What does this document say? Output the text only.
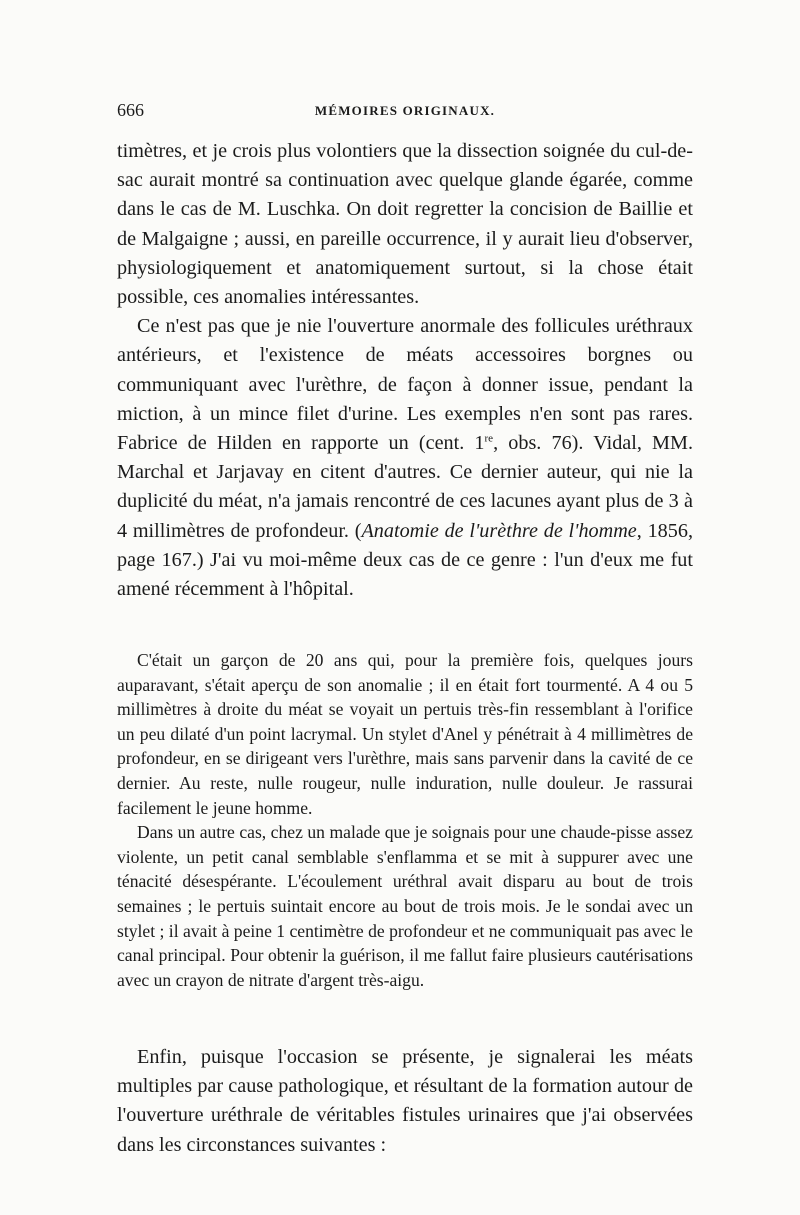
666	MÉMOIRES ORIGINAUX.

timètres, et je crois plus volontiers que la dissection soignée du cul-de-sac aurait montré sa continuation avec quelque glande égarée, comme dans le cas de M. Luschka. On doit regretter la concision de Baillie et de Malgaigne ; aussi, en pareille occurrence, il y aurait lieu d'observer, physiologiquement et anatomiquement surtout, si la chose était possible, ces anomalies intéressantes.

Ce n'est pas que je nie l'ouverture anormale des follicules uréthraux antérieurs, et l'existence de méats accessoires borgnes ou communiquant avec l'urèthre, de façon à donner issue, pendant la miction, à un mince filet d'urine. Les exemples n'en sont pas rares. Fabrice de Hilden en rapporte un (cent. 1re, obs. 76). Vidal, MM. Marchal et Jarjavay en citent d'autres. Ce dernier auteur, qui nie la duplicité du méat, n'a jamais rencontré de ces lacunes ayant plus de 3 à 4 millimètres de profondeur. (Anatomie de l'urèthre de l'homme, 1856, page 167.) J'ai vu moi-même deux cas de ce genre : l'un d'eux me fut amené récemment à l'hôpital.

C'était un garçon de 20 ans qui, pour la première fois, quelques jours auparavant, s'était aperçu de son anomalie ; il en était fort tourmenté. A 4 ou 5 millimètres à droite du méat se voyait un pertuis très-fin ressemblant à l'orifice un peu dilaté d'un point lacrymal. Un stylet d'Anel y pénétrait à 4 millimètres de profondeur, en se dirigeant vers l'urèthre, mais sans parvenir dans la cavité de ce dernier. Au reste, nulle rougeur, nulle induration, nulle douleur. Je rassurai facilement le jeune homme.

Dans un autre cas, chez un malade que je soignais pour une chaude-pisse assez violente, un petit canal semblable s'enflamma et se mit à suppurer avec une ténacité désespérante. L'écoulement uréthral avait disparu au bout de trois semaines ; le pertuis suintait encore au bout de trois mois. Je le sondai avec un stylet ; il avait à peine 1 centimètre de profondeur et ne communiquait pas avec le canal principal. Pour obtenir la guérison, il me fallut faire plusieurs cautérisations avec un crayon de nitrate d'argent très-aigu.

Enfin, puisque l'occasion se présente, je signalerai les méats multiples par cause pathologique, et résultant de la formation autour de l'ouverture uréthrale de véritables fistules urinaires que j'ai observées dans les circonstances suivantes :
